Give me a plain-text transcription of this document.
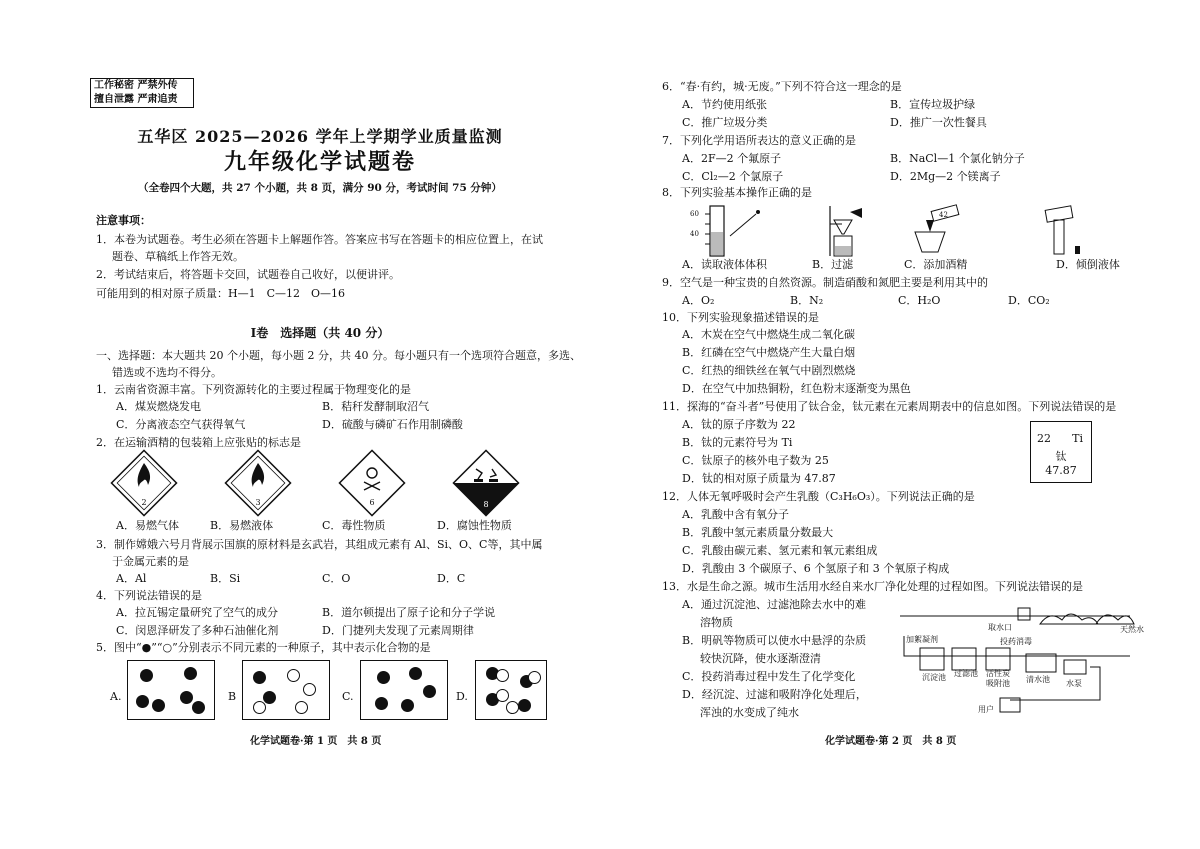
工作秘密 严禁外传
擅自泄露 严肃追责
五华区 2025—2026 学年上学期学业质量监测
九年级化学试题卷
（全卷四个大题，共 27 个小题，共 8 页，满分 90 分，考试时间 75 分钟）
注意事项：
1．本卷为试题卷。考生必须在答题卡上解题作答。答案应书写在答题卡的相应位置上，在试
题卷、草稿纸上作答无效。
2．考试结束后，将答题卡交回，试题卷自己收好，以便讲评。
可能用到的相对原子质量：H—1　C—12　O—16
Ⅰ卷　选择题（共 40 分）
一、选择题：本大题共 20 个小题，每小题 2 分，共 40 分。每小题只有一个选项符合题意，多选、
错选或不选均不得分。
1．云南省资源丰富。下列资源转化的主要过程属于物理变化的是
A．煤炭燃烧发电	B．秸秆发酵制取沼气
C．分离液态空气获得氧气	D．硫酸与磷矿石作用制磷酸
2．在运输酒精的包装箱上应张贴的标志是
2	3	6	8
A．易燃气体	B．易燃液体	C．毒性物质	D．腐蚀性物质
3．制作嫦娥六号月背展示国旗的原材料是玄武岩，其组成元素有 Al、Si、O、C等，其中属
于金属元素的是
A．Al	B．Si	C．O	D．C
4．下列说法错误的是
A．拉瓦锡定量研究了空气的成分	B．道尔顿提出了原子论和分子学说
C．闵恩泽研发了多种石油催化剂	D．门捷列夫发现了元素周期律
5．图中“●”“○”分别表示不同元素的一种原子，其中表示化合物的是
A.	B	C.	D.
化学试题卷·第 1 页　共 8 页
6．“春·有约，城·无废。”下列不符合这一理念的是
A．节约使用纸张	B．宣传垃圾护绿
C．推广垃圾分类	D．推广一次性餐具
7．下列化学用语所表达的意义正确的是
A．2F—2 个氟原子	B．NaCl—1 个氯化钠分子
C．Cl₂—2 个氯原子	D．2Mg—2 个镁离子
8．下列实验基本操作正确的是
60
40
42
A．读取液体体积	B．过滤	C．添加酒精	D．倾倒液体
9．空气是一种宝贵的自然资源。制造硝酸和氮肥主要是利用其中的
A．O₂	B．N₂	C．H₂O	D．CO₂
10．下列实验现象描述错误的是
A．木炭在空气中燃烧生成二氧化碳
B．红磷在空气中燃烧产生大量白烟
C．红热的细铁丝在氧气中剧烈燃烧
D．在空气中加热铜粉，红色粉末逐渐变为黑色
11．探海的“奋斗者”号使用了钛合金，钛元素在元素周期表中的信息如图。下列说法错误的是
A．钛的原子序数为 22
B．钛的元素符号为 Ti
C．钛原子的核外电子数为 25
D．钛的相对原子质量为 47.87
22 Ti
钛
47.87
12．人体无氧呼吸时会产生乳酸（C₃H₆O₃）。下列说法正确的是
A．乳酸中含有氧分子
B．乳酸中氢元素质量分数最大
C．乳酸由碳元素、氢元素和氧元素组成
D．乳酸由 3 个碳原子、6 个氢原子和 3 个氧原子构成
13．水是生命之源。城市生活用水经自来水厂净化处理的过程如图。下列说法错误的是
A．通过沉淀池、过滤池除去水中的难
溶物质
B．明矾等物质可以使水中悬浮的杂质
较快沉降，使水逐渐澄清
C．投药消毒过程中发生了化学变化
D．经沉淀、过滤和吸附净化处理后，
浑浊的水变成了纯水
取水口	天然水
加絮凝剂	投药消毒
沉淀池 过滤池 活性炭
吸附池 清水池 水泵
用户
化学试题卷·第 2 页　共 8 页
